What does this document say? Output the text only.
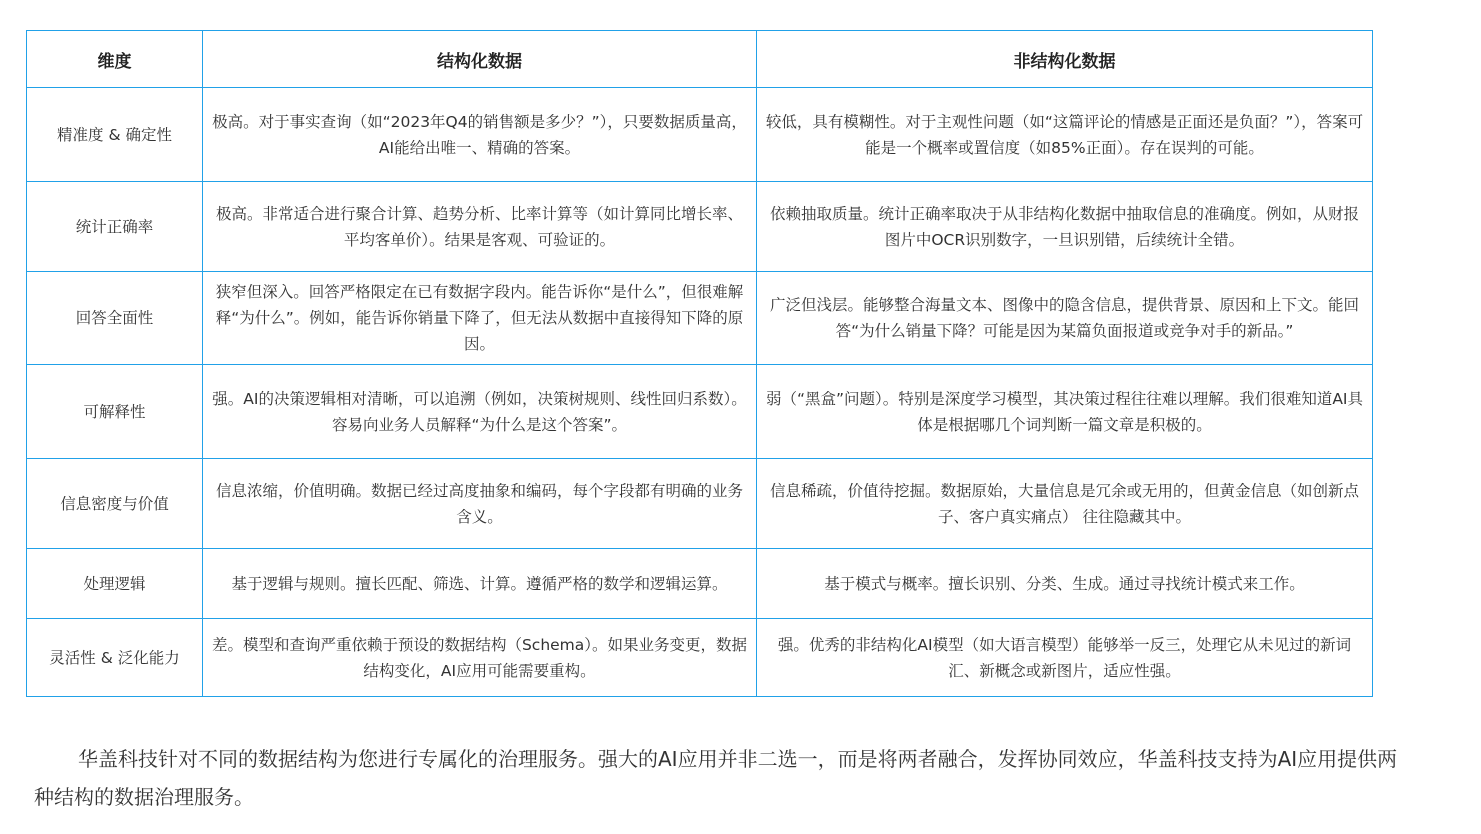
维度	结构化数据	非结构化数据
精准度 & 确定性	极高。对于事实查询（如“2023年Q4的销售额是多少？”），只要数据质量高，AI能给出唯一、精确的答案。	较低，具有模糊性。对于主观性问题（如“这篇评论的情感是正面还是负面？”），答案可能是一个概率或置信度（如85%正面）。存在误判的可能。
统计正确率	极高。非常适合进行聚合计算、趋势分析、比率计算等（如计算同比增长率、平均客单价）。结果是客观、可验证的。	依赖抽取质量。统计正确率取决于从非结构化数据中抽取信息的准确度。例如，从财报图片中OCR识别数字，一旦识别错，后续统计全错。
回答全面性	狭窄但深入。回答严格限定在已有数据字段内。能告诉你“是什么”，但很难解释“为什么”。例如，能告诉你销量下降了，但无法从数据中直接得知下降的原因。	广泛但浅层。能够整合海量文本、图像中的隐含信息，提供背景、原因和上下文。能回答“为什么销量下降？可能是因为某篇负面报道或竞争对手的新品。”
可解释性	强。AI的决策逻辑相对清晰，可以追溯（例如，决策树规则、线性回归系数）。容易向业务人员解释“为什么是这个答案”。	弱（“黑盒”问题）。特别是深度学习模型，其决策过程往往难以理解。我们很难知道AI具体是根据哪几个词判断一篇文章是积极的。
信息密度与价值	信息浓缩，价值明确。数据已经过高度抽象和编码，每个字段都有明确的业务含义。	信息稀疏，价值待挖掘。数据原始，大量信息是冗余或无用的，但黄金信息（如创新点子、客户真实痛点） 往往隐藏其中。
处理逻辑	基于逻辑与规则。擅长匹配、筛选、计算。遵循严格的数学和逻辑运算。	基于模式与概率。擅长识别、分类、生成。通过寻找统计模式来工作。
灵活性 & 泛化能力	差。模型和查询严重依赖于预设的数据结构（Schema）。如果业务变更，数据结构变化，AI应用可能需要重构。	强。优秀的非结构化AI模型（如大语言模型）能够举一反三，处理它从未见过的新词汇、新概念或新图片，适应性强。

华盖科技针对不同的数据结构为您进行专属化的治理服务。强大的AI应用并非二选一，而是将两者融合，发挥协同效应，华盖科技支持为AI应用提供两种结构的数据治理服务。
